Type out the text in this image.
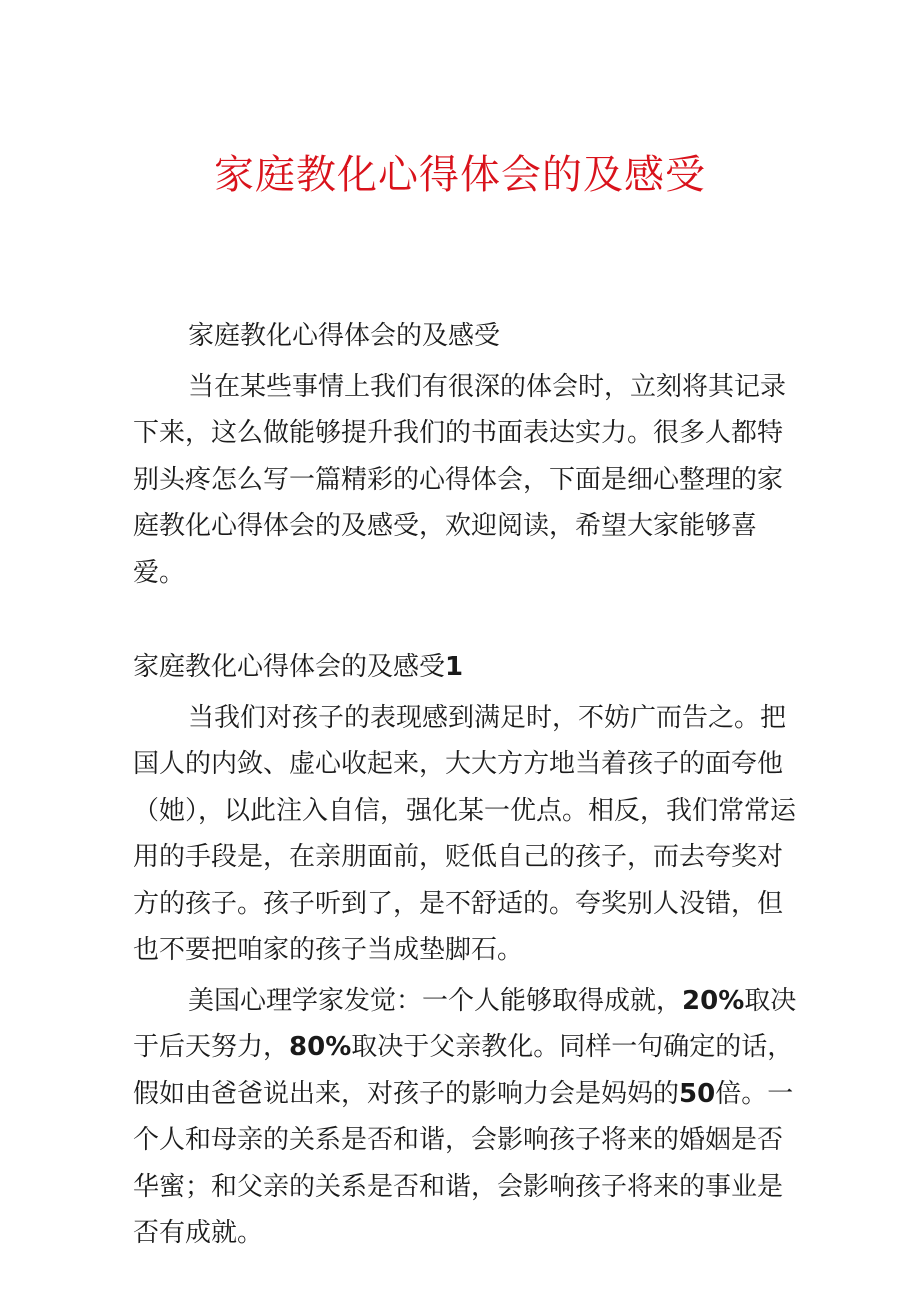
家庭教化心得体会的及感受

家庭教化心得体会的及感受

当在某些事情上我们有很深的体会时，立刻将其记录下来，这么做能够提升我们的书面表达实力。很多人都特别头疼怎么写一篇精彩的心得体会，下面是细心整理的家庭教化心得体会的及感受，欢迎阅读，希望大家能够喜爱。

家庭教化心得体会的及感受1

当我们对孩子的表现感到满足时，不妨广而告之。把国人的内敛、虚心收起来，大大方方地当着孩子的面夸他（她），以此注入自信，强化某一优点。相反，我们常常运用的手段是，在亲朋面前，贬低自己的孩子，而去夸奖对方的孩子。孩子听到了，是不舒适的。夸奖别人没错，但也不要把咱家的孩子当成垫脚石。

美国心理学家发觉：一个人能够取得成就，20%取决于后天努力，80%取决于父亲教化。同样一句确定的话，假如由爸爸说出来，对孩子的影响力会是妈妈的50倍。一个人和母亲的关系是否和谐，会影响孩子将来的婚姻是否华蜜；和父亲的关系是否和谐，会影响孩子将来的事业是否有成就。
